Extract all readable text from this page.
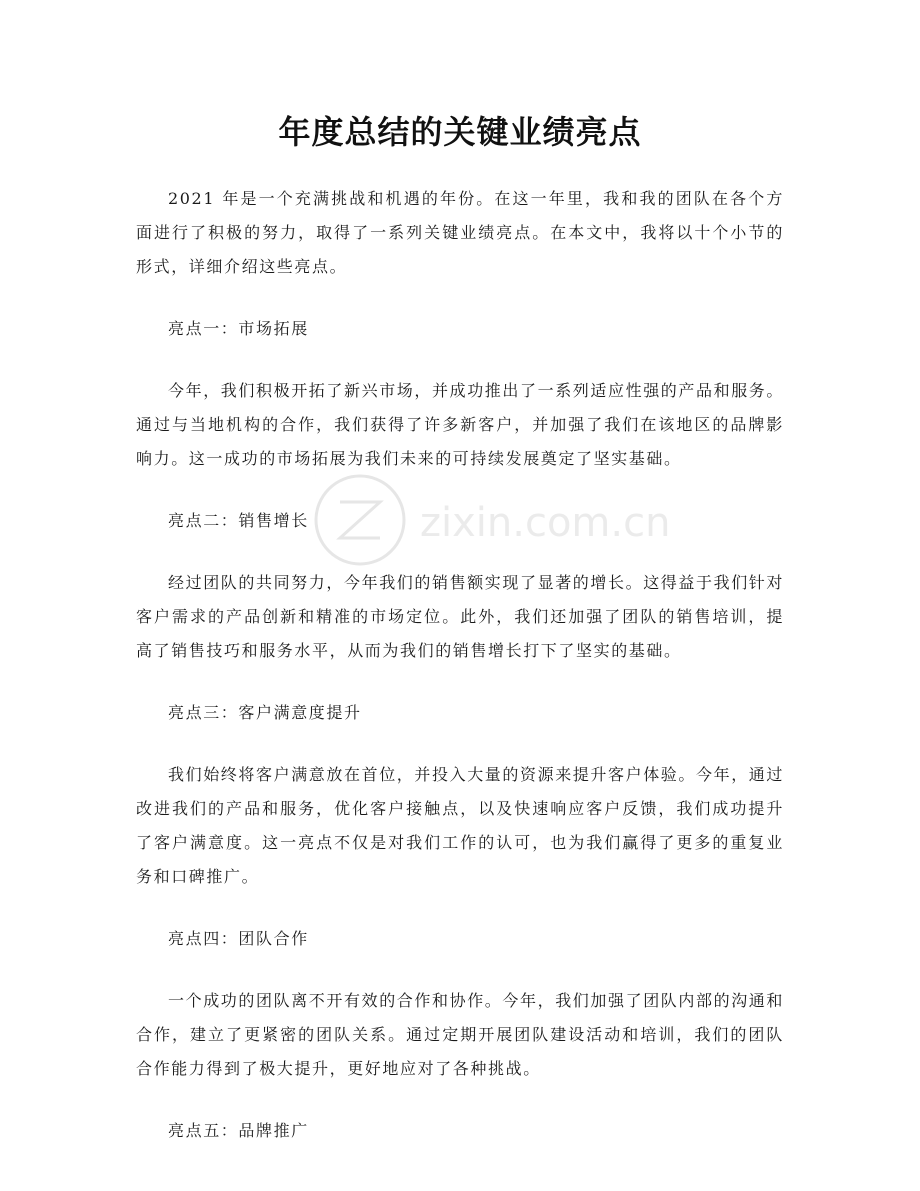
年度总结的关键业绩亮点

2021 年是一个充满挑战和机遇的年份。在这一年里，我和我的团队在各个方面进行了积极的努力，取得了一系列关键业绩亮点。在本文中，我将以十个小节的形式，详细介绍这些亮点。

亮点一：市场拓展

今年，我们积极开拓了新兴市场，并成功推出了一系列适应性强的产品和服务。通过与当地机构的合作，我们获得了许多新客户，并加强了我们在该地区的品牌影响力。这一成功的市场拓展为我们未来的可持续发展奠定了坚实基础。

亮点二：销售增长

经过团队的共同努力，今年我们的销售额实现了显著的增长。这得益于我们针对客户需求的产品创新和精准的市场定位。此外，我们还加强了团队的销售培训，提高了销售技巧和服务水平，从而为我们的销售增长打下了坚实的基础。

亮点三：客户满意度提升

我们始终将客户满意放在首位，并投入大量的资源来提升客户体验。今年，通过改进我们的产品和服务，优化客户接触点，以及快速响应客户反馈，我们成功提升了客户满意度。这一亮点不仅是对我们工作的认可，也为我们赢得了更多的重复业务和口碑推广。

亮点四：团队合作

一个成功的团队离不开有效的合作和协作。今年，我们加强了团队内部的沟通和合作，建立了更紧密的团队关系。通过定期开展团队建设活动和培训，我们的团队合作能力得到了极大提升，更好地应对了各种挑战。

亮点五：品牌推广

zixin.com.cn
